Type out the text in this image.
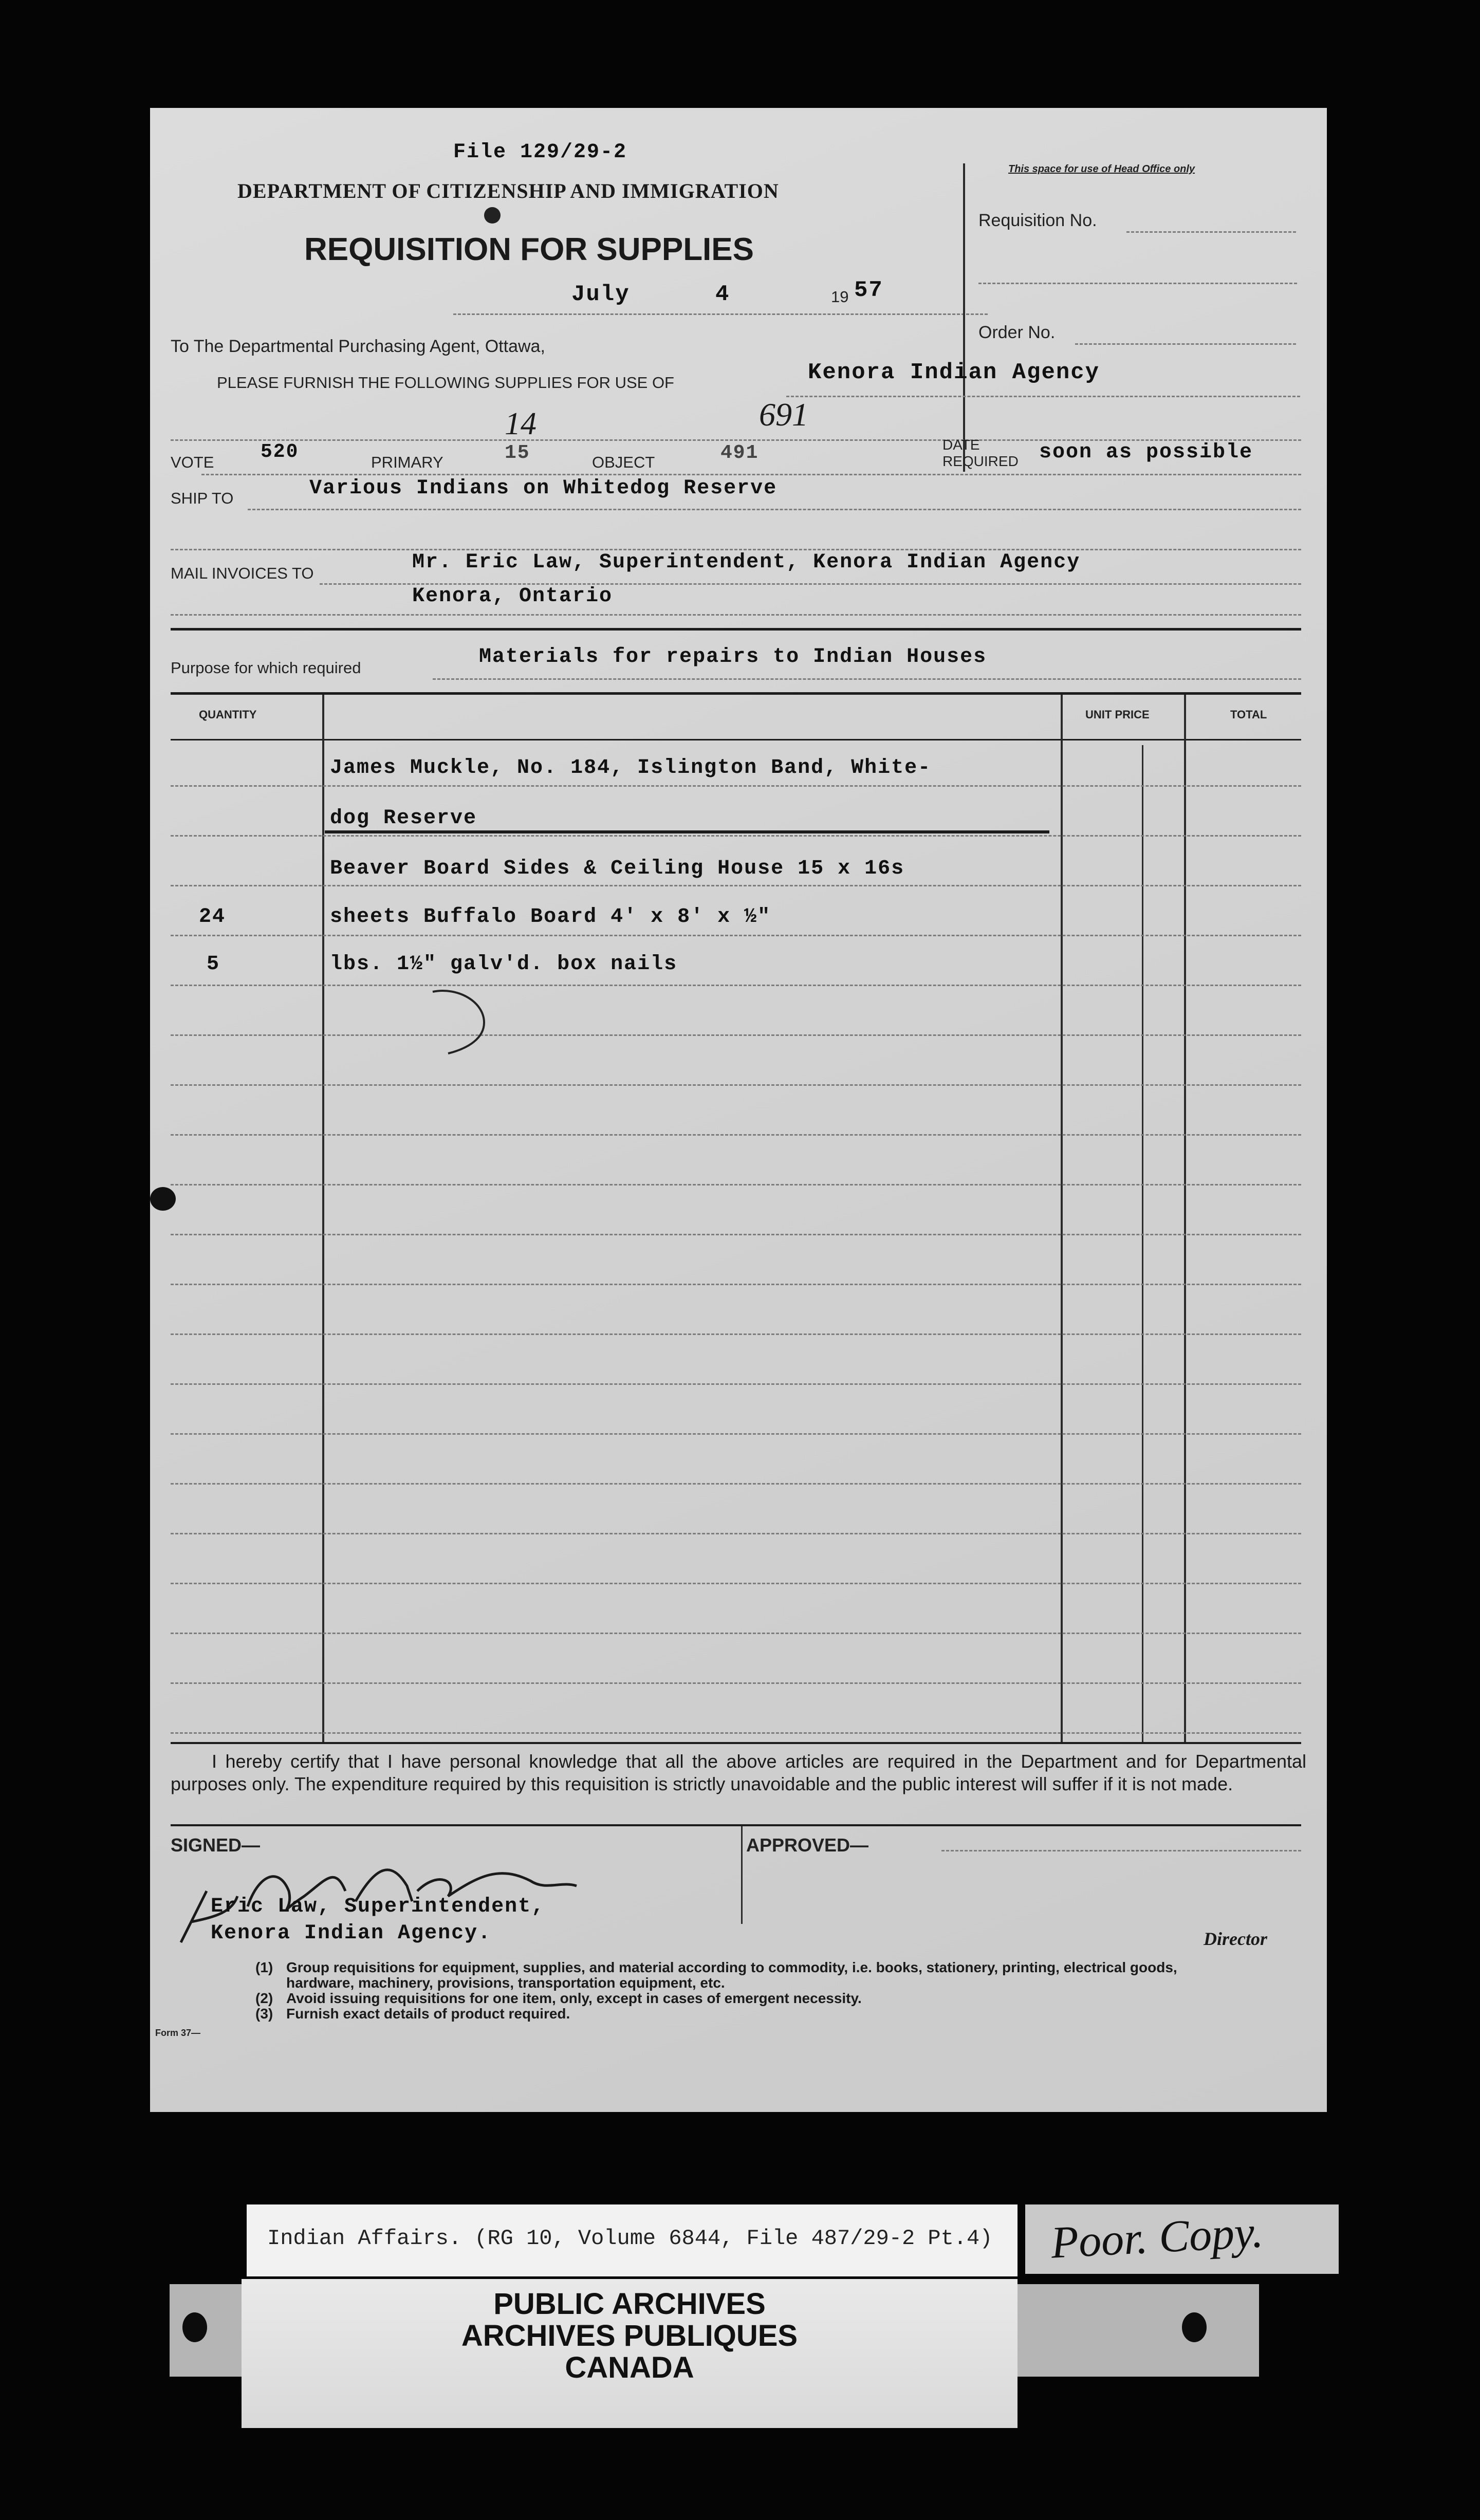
File 129/29-2
DEPARTMENT OF CITIZENSHIP AND IMMIGRATION
REQUISITION FOR SUPPLIES
July	4	19 57
This space for use of Head Office only
Requisition No.
Order No.
To The Departmental Purchasing Agent, Ottawa,
PLEASE FURNISH THE FOLLOWING SUPPLIES FOR USE OF	Kenora Indian Agency
VOTE 520	PRIMARY	15
14
OBJECT	491
691
DATE
REQUIRED soon as possible
SHIP TO	Various Indians on Whitedog Reserve
MAIL INVOICES TO	Mr. Eric Law, Superintendent, Kenora Indian Agency
Kenora, Ontario
Purpose for which required	Materials for repairs to Indian Houses
QUANTITY	UNIT PRICE	TOTAL
James Muckle, No. 184, Islington Band, White-
dog Reserve
Beaver Board Sides & Ceiling House 15 x 16s
24	sheets Buffalo Board 4' x 8' x ½"
5	lbs. 1½" galv'd. box nails
I hereby certify that I have personal knowledge that all the above articles are required in the Department and for Departmental purposes only. The expenditure required by this requisition is strictly unavoidable and the public interest will suffer if it is not made.
SIGNED—	APPROVED—
Eric Law, Superintendent,
Kenora Indian Agency.	Director
(1) Group requisitions for equipment, supplies, and material according to commodity, i.e. books, stationery, printing, electrical goods, hardware, machinery, provisions, transportation equipment, etc.
(2) Avoid issuing requisitions for one item, only, except in cases of emergent necessity.
(3) Furnish exact details of product required.
Form 37—
Indian Affairs. (RG 10, Volume 6844, File 487/29-2 Pt.4) Poor. Copy.
PUBLIC ARCHIVES
ARCHIVES PUBLIQUES
CANADA
